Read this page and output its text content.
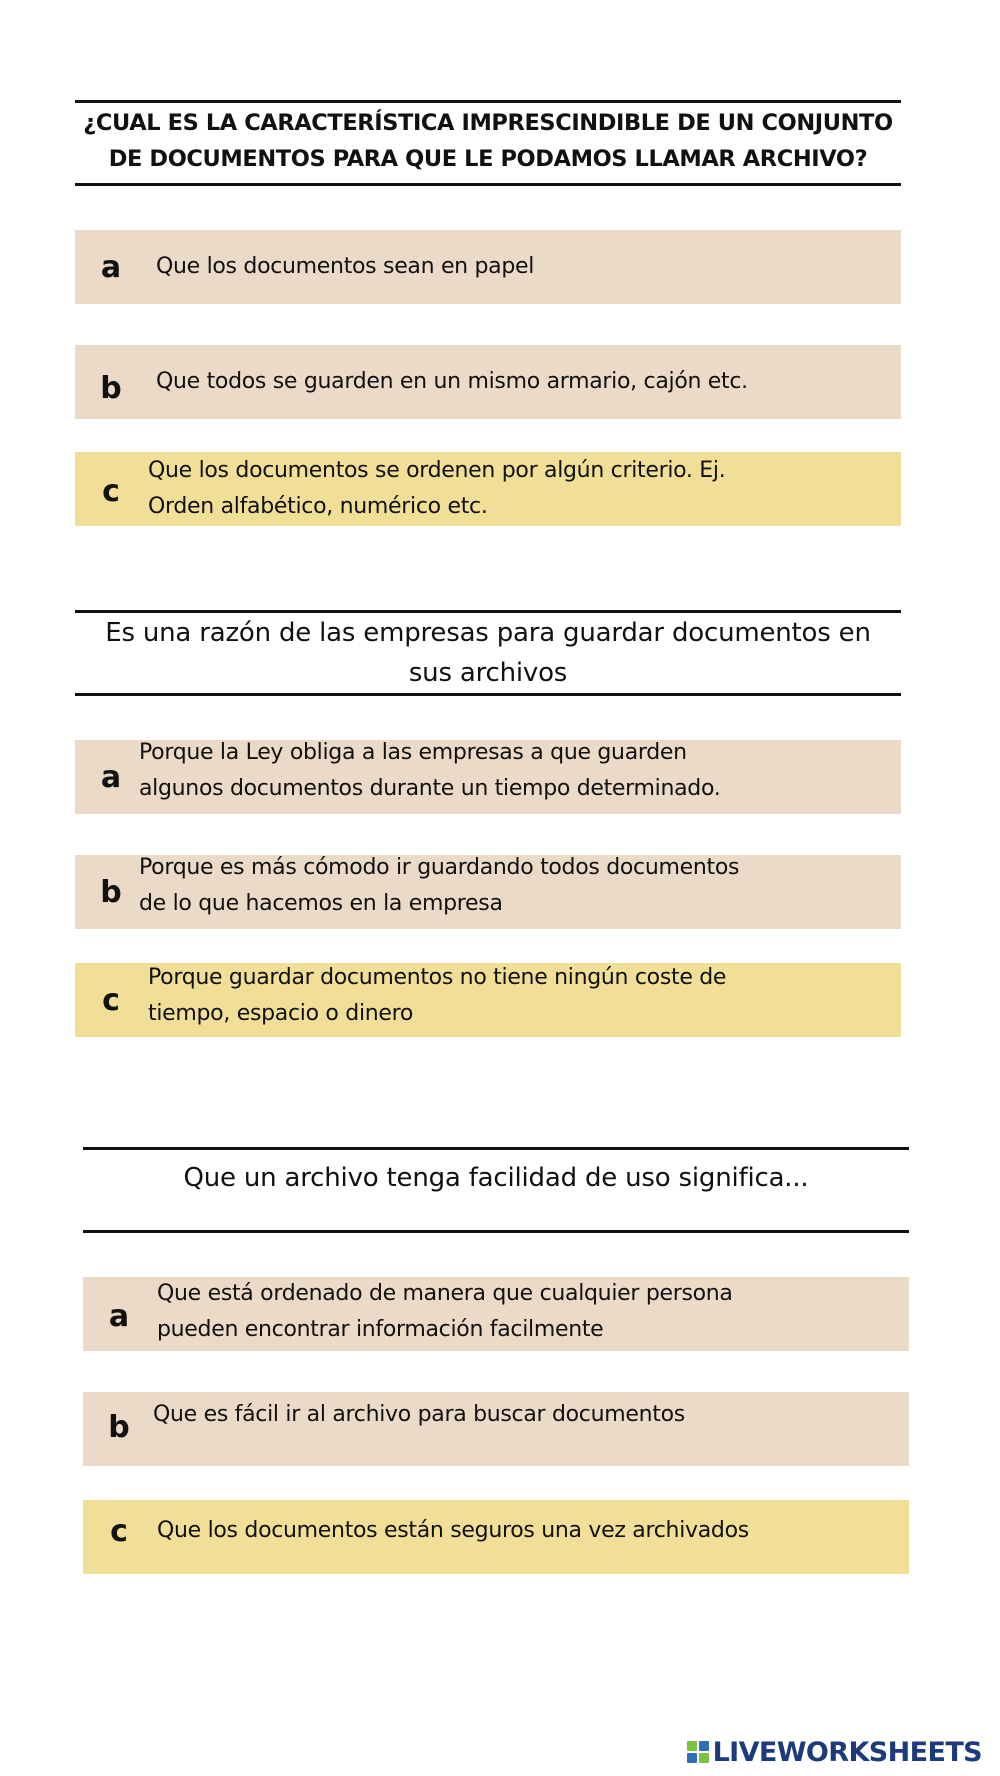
¿CUAL ES LA CARACTERÍSTICA IMPRESCINDIBLE DE UN CONJUNTO
DE DOCUMENTOS PARA QUE LE PODAMOS LLAMAR ARCHIVO?
a	Que los documentos sean en papel
b	Que todos se guarden en un mismo armario, cajón etc.
c
Que los documentos se ordenen por algún criterio. Ej.
Orden alfabético, numérico etc.
Es una razón de las empresas para guardar documentos en
sus archivos
a
Porque la Ley obliga a las empresas a que guarden
algunos documentos durante un tiempo determinado.
b
Porque es más cómodo ir guardando todos documentos
de lo que hacemos en la empresa
c
Porque guardar documentos no tiene ningún coste de
tiempo, espacio o dinero
Que un archivo tenga facilidad de uso significa...
a
Que está ordenado de manera que cualquier persona
pueden encontrar información facilmente
b	Que es fácil ir al archivo para buscar documentos
c	Que los documentos están seguros una vez archivados
LIVEWORKSHEETS
